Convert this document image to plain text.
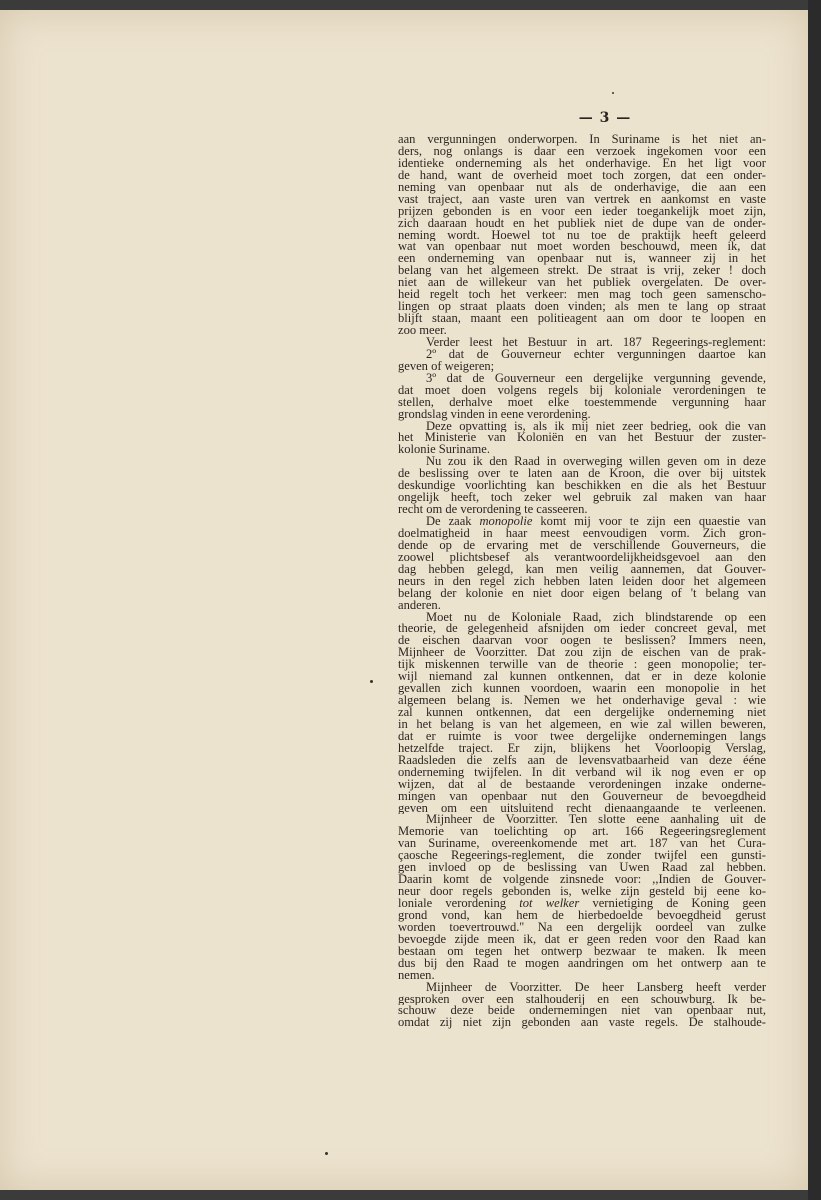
— 3 —
aan vergunningen onderworpen. In Suriname is het niet an-
ders, nog onlangs is daar een verzoek ingekomen voor een
identieke onderneming als het onderhavige. En het ligt voor
de hand, want de overheid moet toch zorgen, dat een onder-
neming van openbaar nut als de onderhavige, die aan een
vast traject, aan vaste uren van vertrek en aankomst en vaste
prijzen gebonden is en voor een ieder toegankelijk moet zijn,
zich daaraan houdt en het publiek niet de dupe van de onder-
neming wordt. Hoewel tot nu toe de praktijk heeft geleerd
wat van openbaar nut moet worden beschouwd, meen ik, dat
een onderneming van openbaar nut is, wanneer zij in het
belang van het algemeen strekt. De straat is vrij, zeker ! doch
niet aan de willekeur van het publiek overgelaten. De over-
heid regelt toch het verkeer: men mag toch geen samenscho-
lingen op straat plaats doen vinden; als men te lang op straat
blijft staan, maant een politieagent aan om door te loopen en
zoo meer.
Verder leest het Bestuur in art. 187 Regeerings-reglement:
2º dat de Gouverneur echter vergunningen daartoe kan
geven of weigeren;
3º dat de Gouverneur een dergelijke vergunning gevende,
dat moet doen volgens regels bij koloniale verordeningen te
stellen, derhalve moet elke toestemmende vergunning haar
grondslag vinden in eene verordening.
Deze opvatting is, als ik mij niet zeer bedrieg, ook die van
het Ministerie van Koloniën en van het Bestuur der zuster-
kolonie Suriname.
Nu zou ik den Raad in overweging willen geven om in deze
de beslissing over te laten aan de Kroon, die over bij uitstek
deskundige voorlichting kan beschikken en die als het Bestuur
ongelijk heeft, toch zeker wel gebruik zal maken van haar
recht om de verordening te casseeren.
De zaak monopolie komt mij voor te zijn een quaestie van
doelmatigheid in haar meest eenvoudigen vorm. Zich gron-
dende op de ervaring met de verschillende Gouverneurs, die
zoowel plichtsbesef als verantwoordelijkheidsgevoel aan den
dag hebben gelegd, kan men veilig aannemen, dat Gouver-
neurs in den regel zich hebben laten leiden door het algemeen
belang der kolonie en niet door eigen belang of 't belang van
anderen.
Moet nu de Koloniale Raad, zich blindstarende op een
theorie, de gelegenheid afsnijden om ieder concreet geval, met
de eischen daarvan voor oogen te beslissen? Immers neen,
Mijnheer de Voorzitter. Dat zou zijn de eischen van de prak-
tijk miskennen terwille van de theorie : geen monopolie; ter-
wijl niemand zal kunnen ontkennen, dat er in deze kolonie
gevallen zich kunnen voordoen, waarin een monopolie in het
algemeen belang is. Nemen we het onderhavige geval : wie
zal kunnen ontkennen, dat een dergelijke onderneming niet
in het belang is van het algemeen, en wie zal willen beweren,
dat er ruimte is voor twee dergelijke ondernemingen langs
hetzelfde traject. Er zijn, blijkens het Voorloopig Verslag,
Raadsleden die zelfs aan de levensvatbaarheid van deze ééne
onderneming twijfelen. In dit verband wil ik nog even er op
wijzen, dat al de bestaande verordeningen inzake onderne-
mingen van openbaar nut den Gouverneur de bevoegdheid
geven om een uitsluitend recht dienaangaande te verleenen.
Mijnheer de Voorzitter. Ten slotte eene aanhaling uit de
Memorie van toelichting op art. 166 Regeeringsreglement
van Suriname, overeenkomende met art. 187 van het Cura-
çaosche Regeerings-reglement, die zonder twijfel een gunsti-
gen invloed op de beslissing van Uwen Raad zal hebben.
Daarin komt de volgende zinsnede voor: ,,Indien de Gouver-
neur door regels gebonden is, welke zijn gesteld bij eene ko-
loniale verordening tot welker vernietiging de Koning geen
grond vond, kan hem de hierbedoelde bevoegdheid gerust
worden toevertrouwd.'' Na een dergelijk oordeel van zulke
bevoegde zijde meen ik, dat er geen reden voor den Raad kan
bestaan om tegen het ontwerp bezwaar te maken. Ik meen
dus bij den Raad te mogen aandringen om het ontwerp aan te
nemen.
Mijnheer de Voorzitter. De heer Lansberg heeft verder
gesproken over een stalhouderij en een schouwburg. Ik be-
schouw deze beide ondernemingen niet van openbaar nut,
omdat zij niet zijn gebonden aan vaste regels. De stalhoude-
